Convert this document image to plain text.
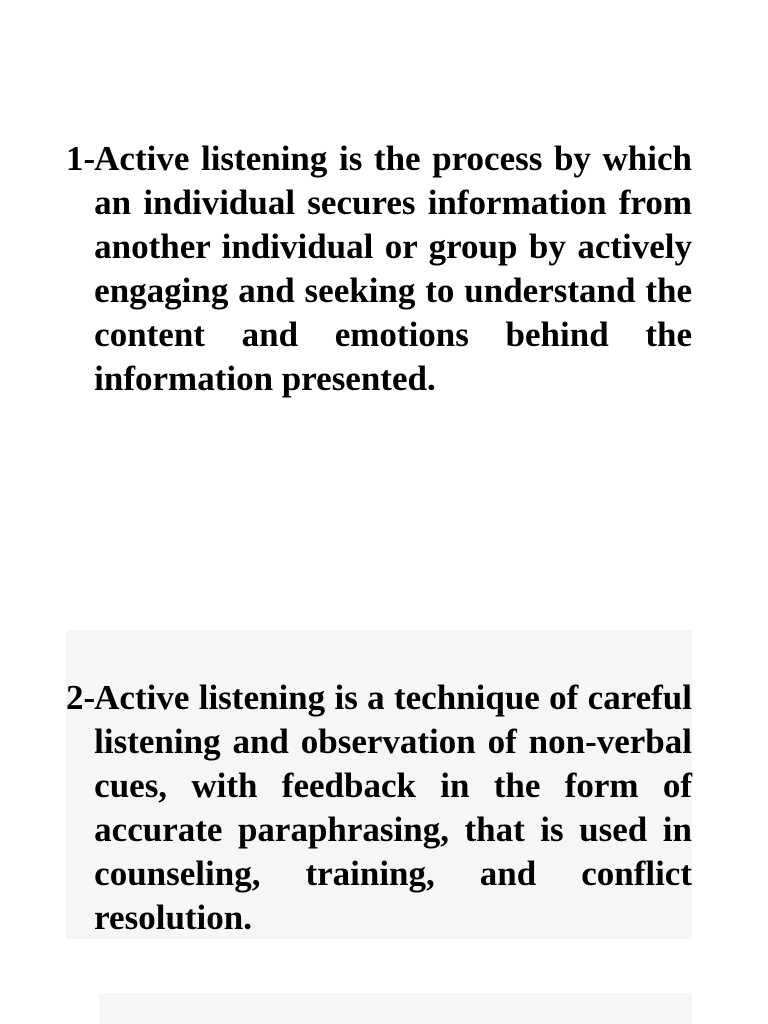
1- Active listening is the process by which an individual secures information from another individual or group by actively engaging and seeking to understand the content and emotions behind the information presented.
2- Active listening is a technique of careful listening and observation of non-verbal cues, with feedback in the form of accurate paraphrasing, that is used in counseling, training, and conflict resolution.
